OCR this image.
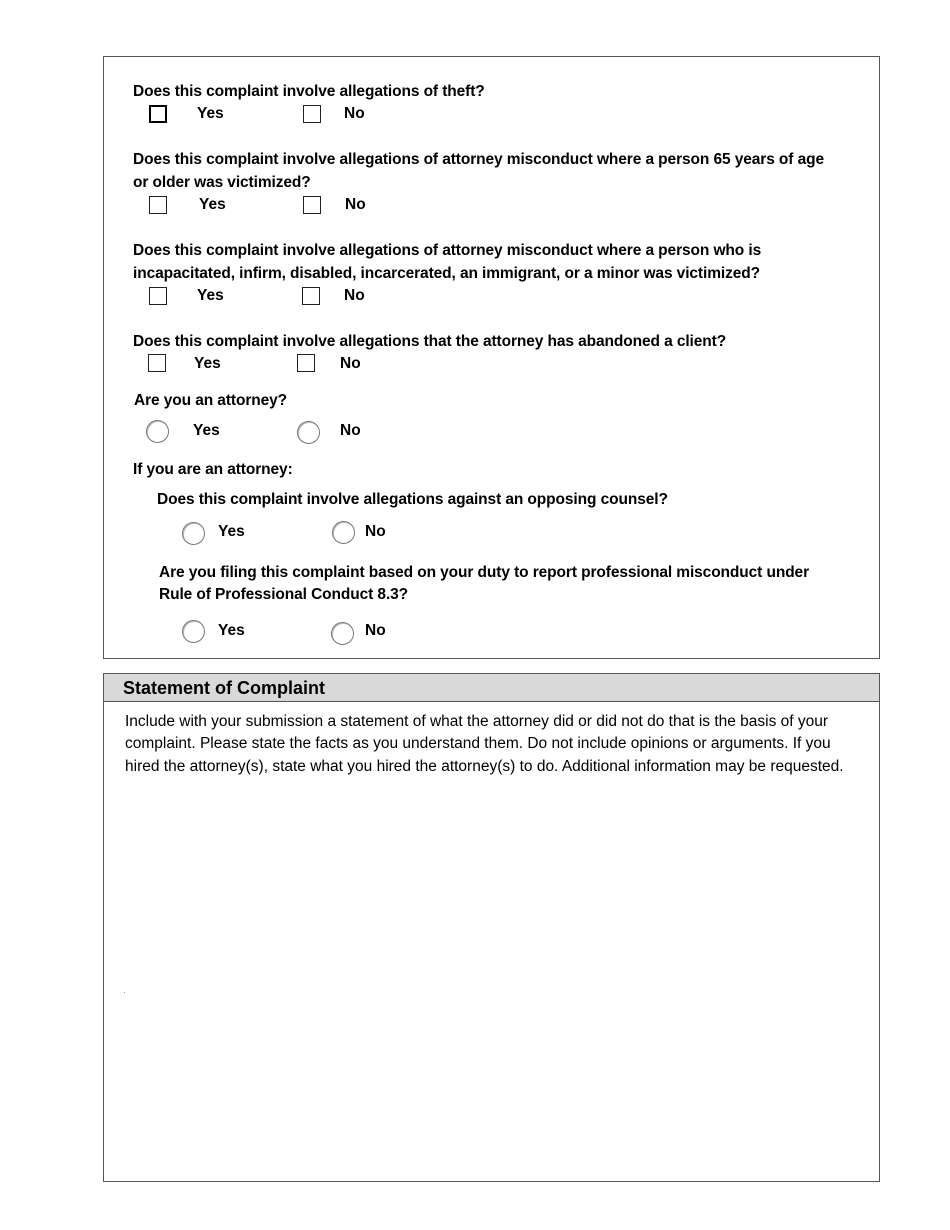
Does this complaint involve allegations of theft?
Yes	No
Does this complaint involve allegations of attorney misconduct where a person 65 years of age
or older was victimized?
Yes	No
Does this complaint involve allegations of attorney misconduct where a person who is
incapacitated, infirm, disabled, incarcerated, an immigrant, or a minor was victimized?
Yes	No
Does this complaint involve allegations that the attorney has abandoned a client?
Yes	No
Are you an attorney?
Yes	No
If you are an attorney:
Does this complaint involve allegations against an opposing counsel?
Yes	No
Are you filing this complaint based on your duty to report professional misconduct under
Rule of Professional Conduct 8.3?
Yes	No
Statement of Complaint
Include with your submission a statement of what the attorney did or did not do that is the basis of your complaint. Please state the facts as you understand them. Do not include opinions or arguments. If you hired the attorney(s), state what you hired the attorney(s) to do. Additional information may be requested.
